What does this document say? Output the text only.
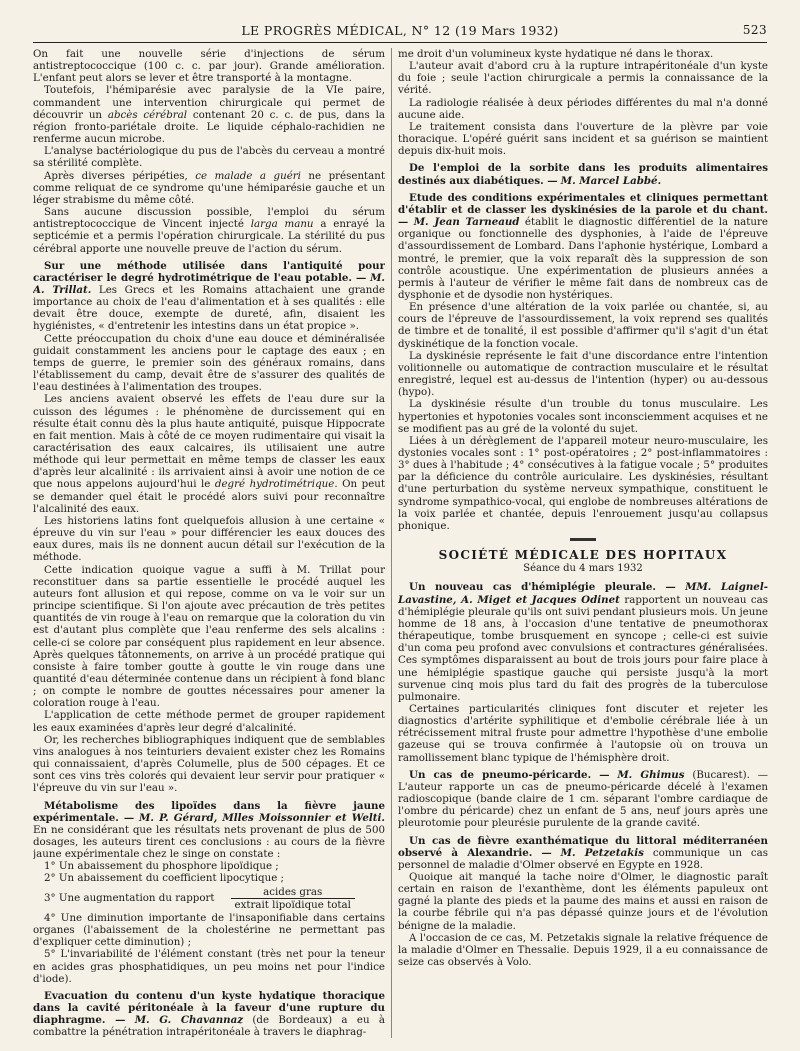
LE PROGRÈS MÉDICAL, N° 12 (19 Mars 1932)	523

On fait une nouvelle série d'injections de sérum antistreptococcique (100 c. c. par jour). Grande amélioration. L'enfant peut alors se lever et être transporté à la montagne.

Toutefois, l'hémiparésie avec paralysie de la VIe paire, commandent une intervention chirurgicale qui permet de découvrir un abcès cérébral contenant 20 c. c. de pus, dans la région fronto-pariétale droite. Le liquide céphalo-rachidien ne renferme aucun microbe.

L'analyse bactériologique du pus de l'abcès du cerveau a montré sa stérilité complète.

Après diverses péripéties, ce malade a guéri ne présentant comme reliquat de ce syndrome qu'une hémiparésie gauche et un léger strabisme du même côté.

Sans aucune discussion possible, l'emploi du sérum antistreptococcique de Vincent injecté larga manu a enrayé la septicémie et a permis l'opération chirurgicale. La stérilité du pus cérébral apporte une nouvelle preuve de l'action du sérum.

Sur une méthode utilisée dans l'antiquité pour caractériser le degré hydrotimétrique de l'eau potable. — M. A. Trillat. Les Grecs et les Romains attachaient une grande importance au choix de l'eau d'alimentation et à ses qualités : elle devait être douce, exempte de dureté, afin, disaient les hygiénistes, « d'entretenir les intestins dans un état propice ».

Cette préoccupation du choix d'une eau douce et déminéralisée guidait constamment les anciens pour le captage des eaux ; en temps de guerre, le premier soin des généraux romains, dans l'établissement du camp, devait être de s'assurer des qualités de l'eau destinées à l'alimentation des troupes.

Les anciens avaient observé les effets de l'eau dure sur la cuisson des légumes : le phénomène de durcissement qui en résulte était connu dès la plus haute antiquité, puisque Hippocrate en fait mention. Mais à côté de ce moyen rudimentaire qui visait la caractérisation des eaux calcaires, ils utilisaient une autre méthode qui leur permettait en même temps de classer les eaux d'après leur alcalinité : ils arrivaient ainsi à avoir une notion de ce que nous appelons aujourd'hui le degré hydrotimétrique. On peut se demander quel était le procédé alors suivi pour reconnaître l'alcalinité des eaux.

Les historiens latins font quelquefois allusion à une certaine « épreuve du vin sur l'eau » pour différencier les eaux douces des eaux dures, mais ils ne donnent aucun détail sur l'exécution de la méthode.

Cette indication quoique vague a suffi à M. Trillat pour reconstituer dans sa partie essentielle le procédé auquel les auteurs font allusion et qui repose, comme on va le voir sur un principe scientifique. Si l'on ajoute avec précaution de très petites quantités de vin rouge à l'eau on remarque que la coloration du vin est d'autant plus complète que l'eau renferme des sels alcalins : celle-ci se colore par conséquent plus rapidement en leur absence. Après quelques tâtonnements, on arrive à un procédé pratique qui consiste à faire tomber goutte à goutte le vin rouge dans une quantité d'eau déterminée contenue dans un récipient à fond blanc ; on compte le nombre de gouttes nécessaires pour amener la coloration rouge à l'eau.

L'application de cette méthode permet de grouper rapidement les eaux examinées d'après leur degré d'alcalinité.

Or, les recherches bibliographiques indiquent que de semblables vins analogues à nos teinturiers devaient exister chez les Romains qui connaissaient, d'après Columelle, plus de 500 cépages. Et ce sont ces vins très colorés qui devaient leur servir pour pratiquer « l'épreuve du vin sur l'eau ».

Métabolisme des lipoïdes dans la fièvre jaune expérimentale. — M. P. Gérard, Mlles Moissonnier et Welti. En ne considérant que les résultats nets provenant de plus de 500 dosages, les auteurs tirent ces conclusions : au cours de la fièvre jaune expérimentale chez le singe on constate :

1° Un abaissement du phosphore lipoïdique ;

2° Un abaissement du coefficient lipocytique ;

3° Une augmentation du rapport $\frac{\text{acides gras}}{\text{extrait lipoïdique total}}$

4° Une diminution importante de l'insaponifiable dans certains organes (l'abaissement de la cholestérine ne permettant pas d'expliquer cette diminution) ;

5° L'invariabilité de l'élément constant (très net pour la teneur en acides gras phosphatidiques, un peu moins net pour l'indice d'iode).

Evacuation du contenu d'un kyste hydatique thoracique dans la cavité péritonéale à la faveur d'une rupture du diaphragme. — M. G. Chavannaz (de Bordeaux) a eu à combattre la pénétration intrapéritonéale à travers le diaphrag-

me droit d'un volumineux kyste hydatique né dans le thorax.

L'auteur avait d'abord cru à la rupture intrapéritonéale d'un kyste du foie ; seule l'action chirurgicale a permis la connaissance de la vérité.

La radiologie réalisée à deux périodes différentes du mal n'a donné aucune aide.

Le traitement consista dans l'ouverture de la plèvre par voie thoracique. L'opéré guérit sans incident et sa guérison se maintient depuis dix-huit mois.

De l'emploi de la sorbite dans les produits alimentaires destinés aux diabétiques. — M. Marcel Labbé.

Etude des conditions expérimentales et cliniques permettant d'établir et de classer les dyskinésies de la parole et du chant. — M. Jean Tarneaud établit le diagnostic différentiel de la nature organique ou fonctionnelle des dysphonies, à l'aide de l'épreuve d'assourdissement de Lombard. Dans l'aphonie hystérique, Lombard a montré, le premier, que la voix reparaît dès la suppression de son contrôle acoustique. Une expérimentation de plusieurs années a permis à l'auteur de vérifier le même fait dans de nombreux cas de dysphonie et de dysodie non hystériques.

En présence d'une altération de la voix parlée ou chantée, si, au cours de l'épreuve de l'assourdissement, la voix reprend ses qualités de timbre et de tonalité, il est possible d'affirmer qu'il s'agit d'un état dyskinétique de la fonction vocale.

La dyskinésie représente le fait d'une discordance entre l'intention volitionnelle ou automatique de contraction musculaire et le résultat enregistré, lequel est au-dessus de l'intention (hyper) ou au-dessous (hypo).

La dyskinésie résulte d'un trouble du tonus musculaire. Les hypertonies et hypotonies vocales sont inconsciemment acquises et ne se modifient pas au gré de la volonté du sujet.

Liées à un dérèglement de l'appareil moteur neuro-musculaire, les dystonies vocales sont : 1° post-opératoires ; 2° post-inflammatoires : 3° dues à l'habitude ; 4° consécutives à la fatigue vocale ; 5° produites par la déficience du contrôle auriculaire. Les dyskinésies, résultant d'une perturbation du système nerveux sympathique, constituent le syndrome sympathico-vocal, qui englobe de nombreuses altérations de la voix parlée et chantée, depuis l'enrouement jusqu'au collapsus phonique.

SOCIÉTÉ MÉDICALE DES HOPITAUX
Séance du 4 mars 1932

Un nouveau cas d'hémiplégie pleurale. — MM. Laignel-Lavastine, A. Miget et Jacques Odinet rapportent un nouveau cas d'hémiplégie pleurale qu'ils ont suivi pendant plusieurs mois. Un jeune homme de 18 ans, à l'occasion d'une tentative de pneumothorax thérapeutique, tombe brusquement en syncope ; celle-ci est suivie d'un coma peu profond avec convulsions et contractures généralisées. Ces symptômes disparaissent au bout de trois jours pour faire place à une hémiplégie spastique gauche qui persiste jusqu'à la mort survenue cinq mois plus tard du fait des progrès de la tuberculose pulmonaire.

Certaines particularités cliniques font discuter et rejeter les diagnostics d'artérite syphilitique et d'embolie cérébrale liée à un rétrécissement mitral fruste pour admettre l'hypothèse d'une embolie gazeuse qui se trouva confirmée à l'autopsie où on trouva un ramollissement blanc typique de l'hémisphère droit.

Un cas de pneumo-péricarde. — M. Ghimus (Bucarest). — L'auteur rapporte un cas de pneumo-péricarde décelé à l'examen radioscopique (bande claire de 1 cm. séparant l'ombre cardiaque de l'ombre du péricarde) chez un enfant de 5 ans, neuf jours après une pleurotomie pour pleurésie purulente de la grande cavité.

Un cas de fièvre exanthématique du littoral méditerranéen observé à Alexandrie. — M. Petzetakis communique un cas personnel de maladie d'Olmer observé en Egypte en 1928.

Quoique ait manqué la tache noire d'Olmer, le diagnostic paraît certain en raison de l'exanthème, dont les éléments papuleux ont gagné la plante des pieds et la paume des mains et aussi en raison de la courbe fébrile qui n'a pas dépassé quinze jours et de l'évolution bénigne de la maladie.

A l'occasion de ce cas, M. Petzetakis signale la relative fréquence de la maladie d'Olmer en Thessalie. Depuis 1929, il a eu connaissance de seize cas observés à Volo.
